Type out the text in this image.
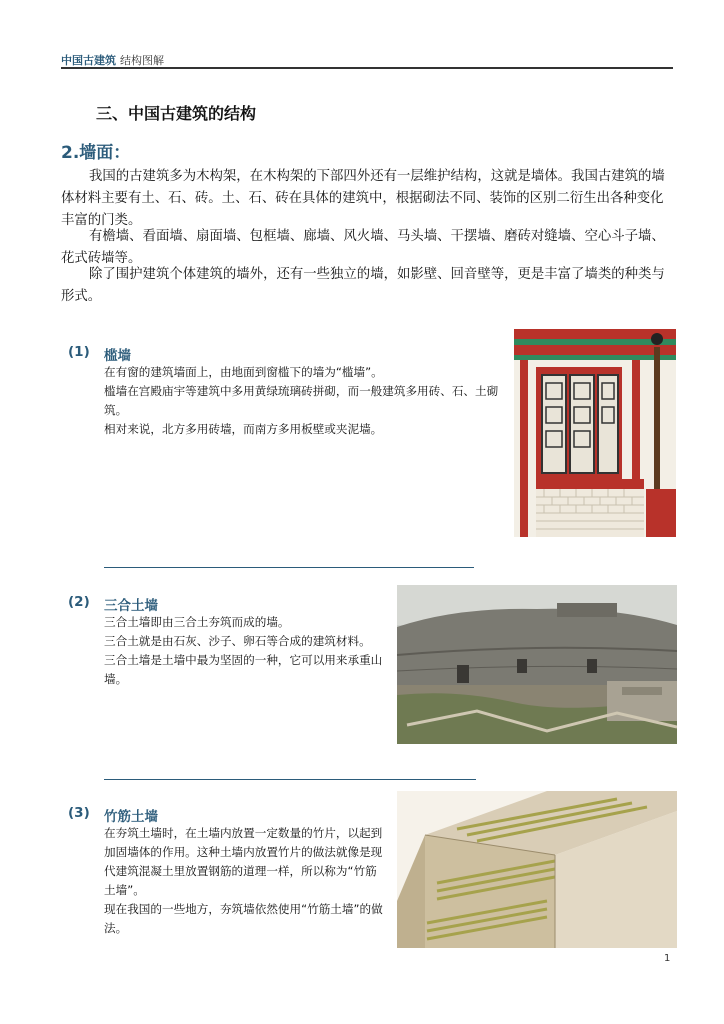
中国古建筑 结构图解
三、中国古建筑的结构
2.墙面：

我国的古建筑多为木构架，在木构架的下部四外还有一层维护结构，这就是墙体。我国古建筑的墙体材料主要有土、石、砖。土、石、砖在具体的建筑中，根据砌法不同、装饰的区别二衍生出各种变化丰富的门类。

有檐墙、看面墙、扇面墙、包框墙、廊墙、风火墙、马头墙、干摆墙、磨砖对缝墙、空心斗子墙、花式砖墙等。

除了围护建筑个体建筑的墙外，还有一些独立的墙，如影壁、回音壁等，更是丰富了墙类的种类与形式。

(1) 槛墙

在有窗的建筑墙面上，由地面到窗槛下的墙为“槛墙”。

槛墙在宫殿庙宇等建筑中多用黄绿琉璃砖拼砌，而一般建筑多用砖、石、土砌筑。

相对来说，北方多用砖墙，而南方多用板壁或夹泥墙。

(2) 三合土墙

三合土墙即由三合土夯筑而成的墙。

三合土就是由石灰、沙子、卵石等合成的建筑材料。

三合土墙是土墙中最为坚固的一种，它可以用来承重山墙。

(3) 竹筋土墙

在夯筑土墙时，在土墙内放置一定数量的竹片，以起到加固墙体的作用。这种土墙内放置竹片的做法就像是现代建筑混凝土里放置钢筋的道理一样，所以称为“竹筋土墙”。

现在我国的一些地方，夯筑墙依然使用“竹筋土墙”的做法。

1
